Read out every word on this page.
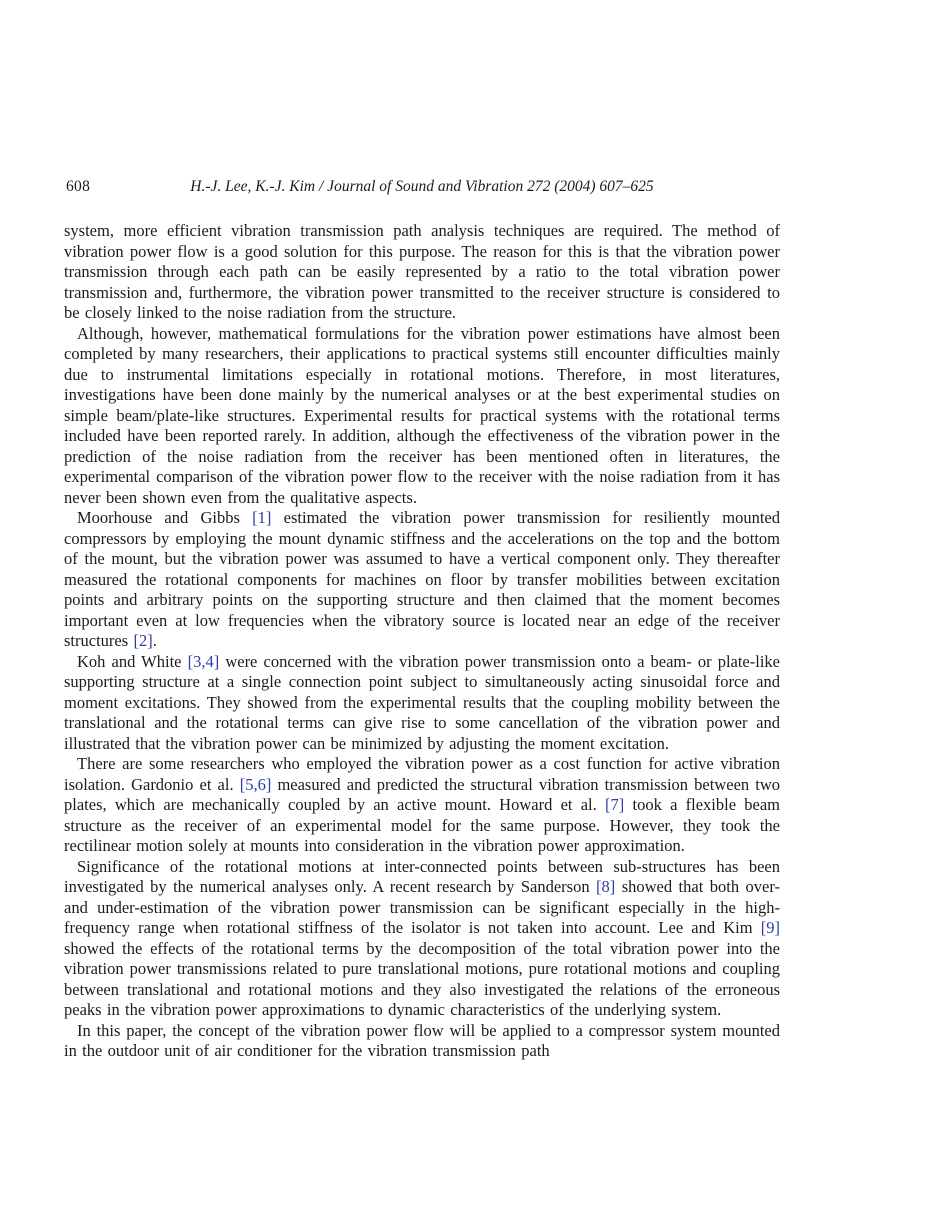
608	H.-J. Lee, K.-J. Kim / Journal of Sound and Vibration 272 (2004) 607–625

system, more efficient vibration transmission path analysis techniques are required. The method of vibration power flow is a good solution for this purpose. The reason for this is that the vibration power transmission through each path can be easily represented by a ratio to the total vibration power transmission and, furthermore, the vibration power transmitted to the receiver structure is considered to be closely linked to the noise radiation from the structure.

Although, however, mathematical formulations for the vibration power estimations have almost been completed by many researchers, their applications to practical systems still encounter difficulties mainly due to instrumental limitations especially in rotational motions. Therefore, in most literatures, investigations have been done mainly by the numerical analyses or at the best experimental studies on simple beam/plate-like structures. Experimental results for practical systems with the rotational terms included have been reported rarely. In addition, although the effectiveness of the vibration power in the prediction of the noise radiation from the receiver has been mentioned often in literatures, the experimental comparison of the vibration power flow to the receiver with the noise radiation from it has never been shown even from the qualitative aspects.

Moorhouse and Gibbs [1] estimated the vibration power transmission for resiliently mounted compressors by employing the mount dynamic stiffness and the accelerations on the top and the bottom of the mount, but the vibration power was assumed to have a vertical component only. They thereafter measured the rotational components for machines on floor by transfer mobilities between excitation points and arbitrary points on the supporting structure and then claimed that the moment becomes important even at low frequencies when the vibratory source is located near an edge of the receiver structures [2].

Koh and White [3,4] were concerned with the vibration power transmission onto a beam- or plate-like supporting structure at a single connection point subject to simultaneously acting sinusoidal force and moment excitations. They showed from the experimental results that the coupling mobility between the translational and the rotational terms can give rise to some cancellation of the vibration power and illustrated that the vibration power can be minimized by adjusting the moment excitation.

There are some researchers who employed the vibration power as a cost function for active vibration isolation. Gardonio et al. [5,6] measured and predicted the structural vibration transmission between two plates, which are mechanically coupled by an active mount. Howard et al. [7] took a flexible beam structure as the receiver of an experimental model for the same purpose. However, they took the rectilinear motion solely at mounts into consideration in the vibration power approximation.

Significance of the rotational motions at inter-connected points between sub-structures has been investigated by the numerical analyses only. A recent research by Sanderson [8] showed that both over- and under-estimation of the vibration power transmission can be significant especially in the high-frequency range when rotational stiffness of the isolator is not taken into account. Lee and Kim [9] showed the effects of the rotational terms by the decomposition of the total vibration power into the vibration power transmissions related to pure translational motions, pure rotational motions and coupling between translational and rotational motions and they also investigated the relations of the erroneous peaks in the vibration power approximations to dynamic characteristics of the underlying system.

In this paper, the concept of the vibration power flow will be applied to a compressor system mounted in the outdoor unit of air conditioner for the vibration transmission path
